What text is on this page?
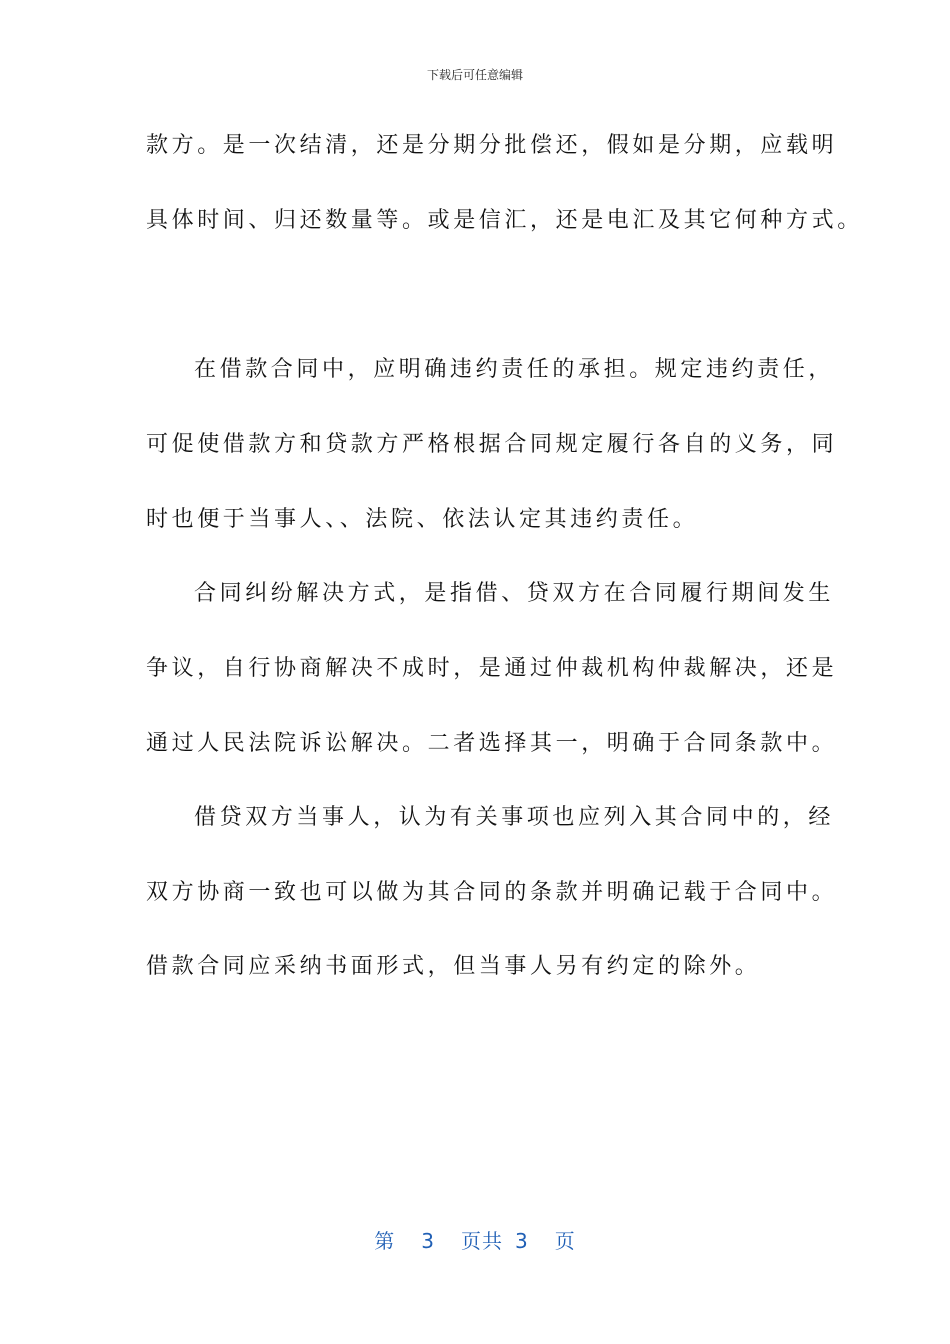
下载后可任意编辑
款方。是一次结清，还是分期分批偿还，假如是分期，应载明
具体时间、归还数量等。或是信汇，还是电汇及其它何种方式。
在借款合同中，应明确违约责任的承担。规定违约责任，
可促使借款方和贷款方严格根据合同规定履行各自的义务，同
时也便于当事人、、法院、依法认定其违约责任。
合同纠纷解决方式，是指借、贷双方在合同履行期间发生
争议，自行协商解决不成时，是通过仲裁机构仲裁解决，还是
通过人民法院诉讼解决。二者选择其一，明确于合同条款中。
借贷双方当事人，认为有关事项也应列入其合同中的，经
双方协商一致也可以做为其合同的条款并明确记载于合同中。
借款合同应采纳书面形式，但当事人另有约定的除外。
第 3 页共 3 页
